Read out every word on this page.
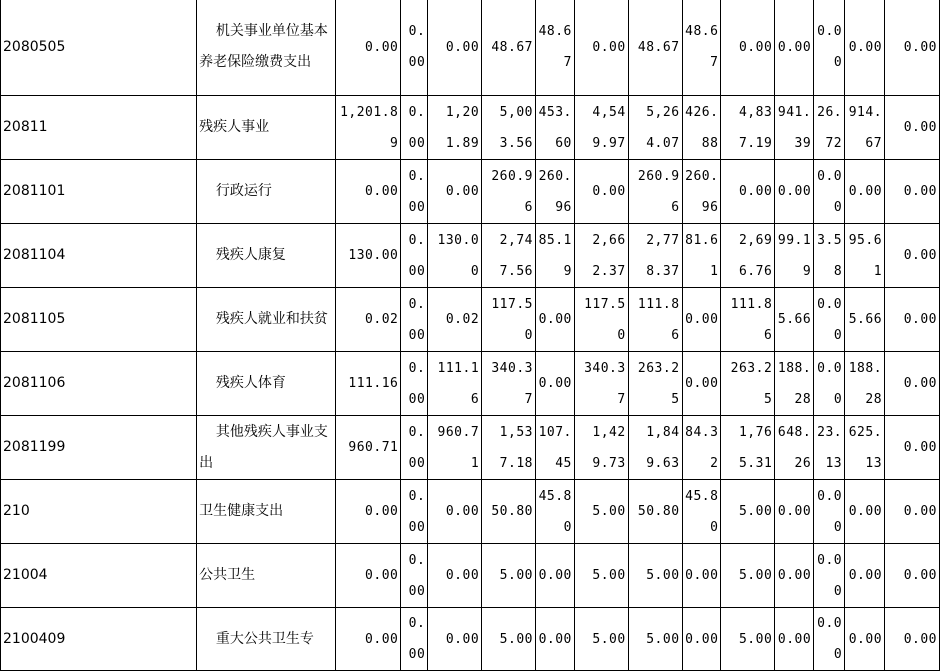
2080505	机关事业单位基本养老保险缴费支出	0.00	0.00	0.00	48.67	48.67	0.00	48.67	48.67	0.00	0.00	0.00	0.00	0.00
20811	残疾人事业	1,201.89	0.00	1,201.89	5,003.56	453.60	4,549.97	5,264.07	426.88	4,837.19	941.39	26.72	914.67	0.00
2081101	行政运行	0.00	0.00	0.00	260.96	260.96	0.00	260.96	260.96	0.00	0.00	0.00	0.00	0.00
2081104	残疾人康复	130.00	0.00	130.00	2,747.56	85.19	2,662.37	2,778.37	81.61	2,696.76	99.19	3.58	95.61	0.00
2081105	残疾人就业和扶贫	0.02	0.00	0.02	117.50	0.00	117.50	111.86	0.00	111.86	5.66	0.00	5.66	0.00
2081106	残疾人体育	111.16	0.00	111.16	340.37	0.00	340.37	263.25	0.00	263.25	188.28	0.00	188.28	0.00
2081199	其他残疾人事业支出	960.71	0.00	960.71	1,537.18	107.45	1,429.73	1,849.63	84.32	1,765.31	648.26	23.13	625.13	0.00
210	卫生健康支出	0.00	0.00	0.00	50.80	45.80	5.00	50.80	45.80	5.00	0.00	0.00	0.00	0.00
21004	公共卫生	0.00	0.00	0.00	5.00	0.00	5.00	5.00	0.00	5.00	0.00	0.00	0.00	0.00
2100409	重大公共卫生专	0.00	0.00	0.00	5.00	0.00	5.00	5.00	0.00	5.00	0.00	0.00	0.00	0.00
